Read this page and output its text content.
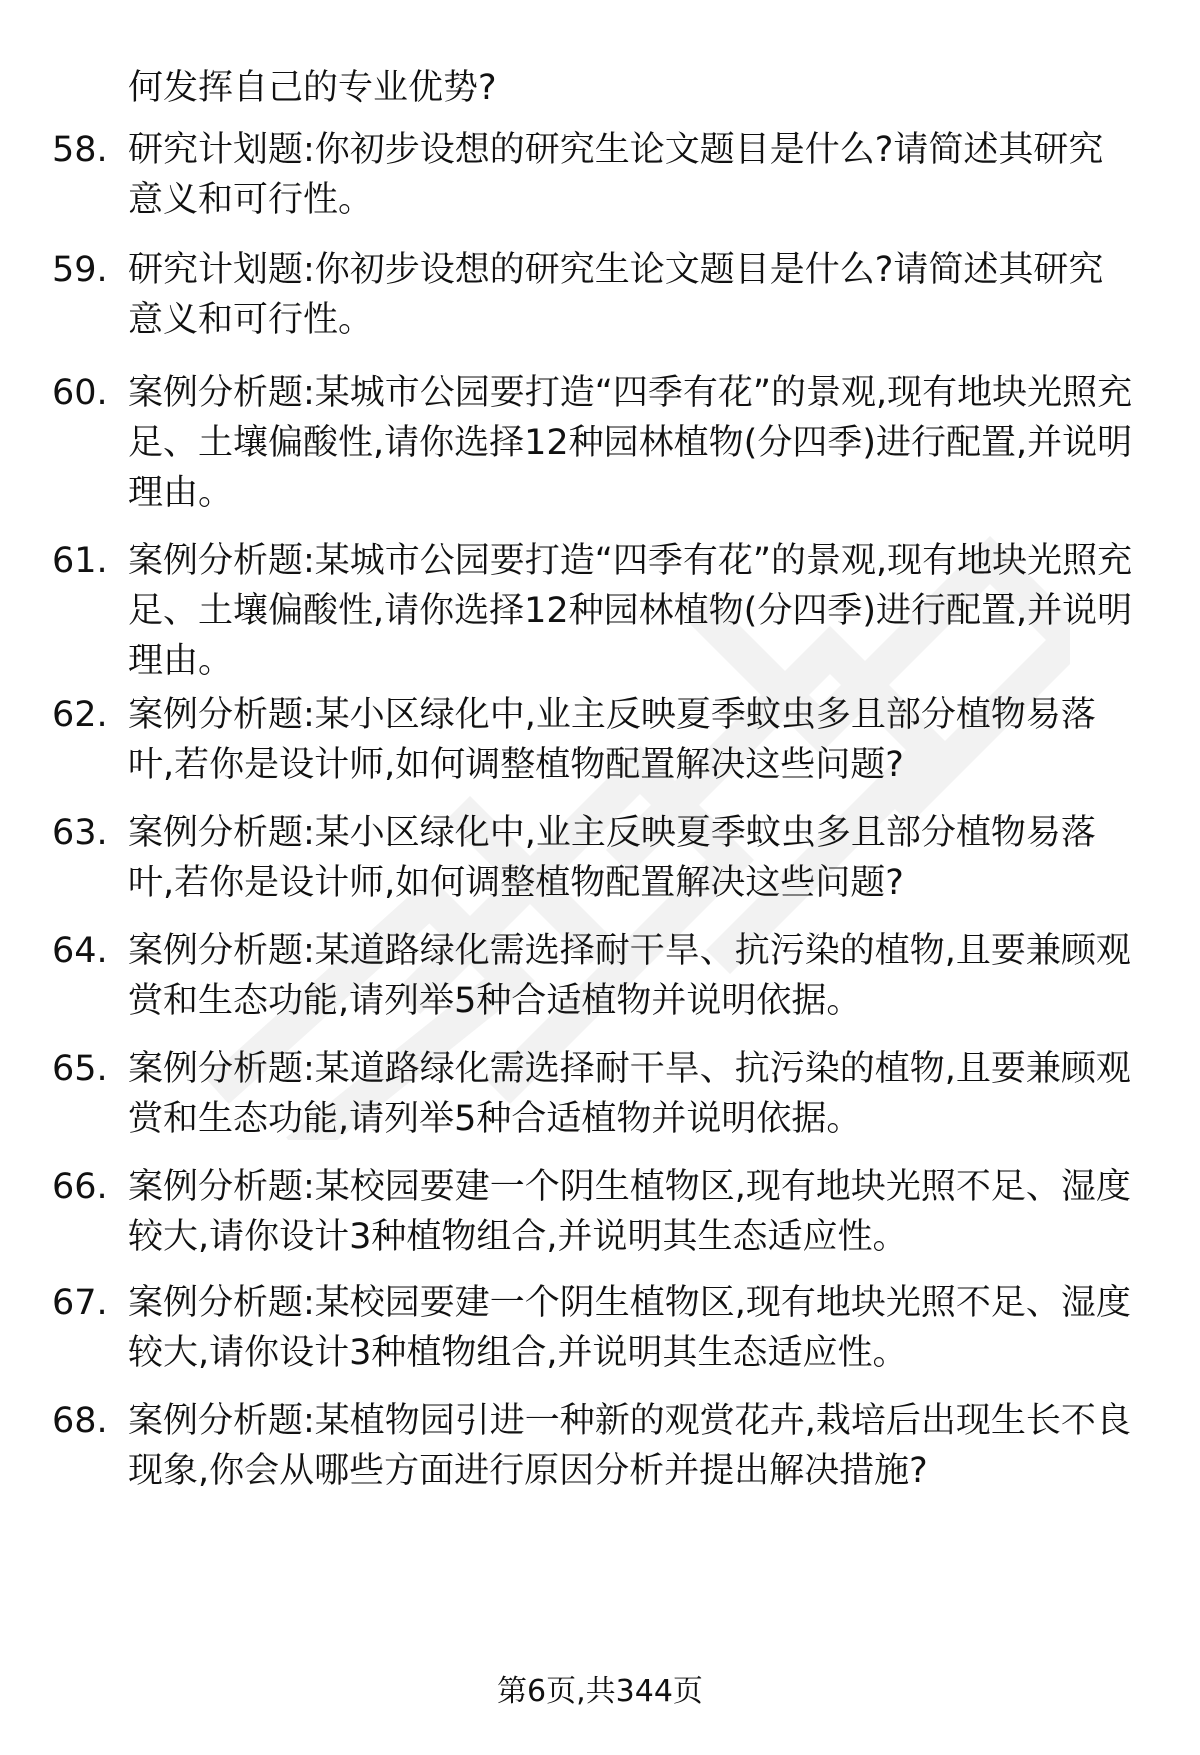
何发挥自己的专业优势?

58. 研究计划题:你初步设想的研究生论文题目是什么?请简述其研究意义和可行性。

59. 研究计划题:你初步设想的研究生论文题目是什么?请简述其研究意义和可行性。

60. 案例分析题:某城市公园要打造“四季有花”的景观,现有地块光照充足、土壤偏酸性,请你选择12种园林植物(分四季)进行配置,并说明理由。

61. 案例分析题:某城市公园要打造“四季有花”的景观,现有地块光照充足、土壤偏酸性,请你选择12种园林植物(分四季)进行配置,并说明理由。

62. 案例分析题:某小区绿化中,业主反映夏季蚊虫多且部分植物易落叶,若你是设计师,如何调整植物配置解决这些问题?

63. 案例分析题:某小区绿化中,业主反映夏季蚊虫多且部分植物易落叶,若你是设计师,如何调整植物配置解决这些问题?

64. 案例分析题:某道路绿化需选择耐干旱、抗污染的植物,且要兼顾观赏和生态功能,请列举5种合适植物并说明依据。

65. 案例分析题:某道路绿化需选择耐干旱、抗污染的植物,且要兼顾观赏和生态功能,请列举5种合适植物并说明依据。

66. 案例分析题:某校园要建一个阴生植物区,现有地块光照不足、湿度较大,请你设计3种植物组合,并说明其生态适应性。

67. 案例分析题:某校园要建一个阴生植物区,现有地块光照不足、湿度较大,请你设计3种植物组合,并说明其生态适应性。

68. 案例分析题:某植物园引进一种新的观赏花卉,栽培后出现生长不良现象,你会从哪些方面进行原因分析并提出解决措施?

第6页,共344页
